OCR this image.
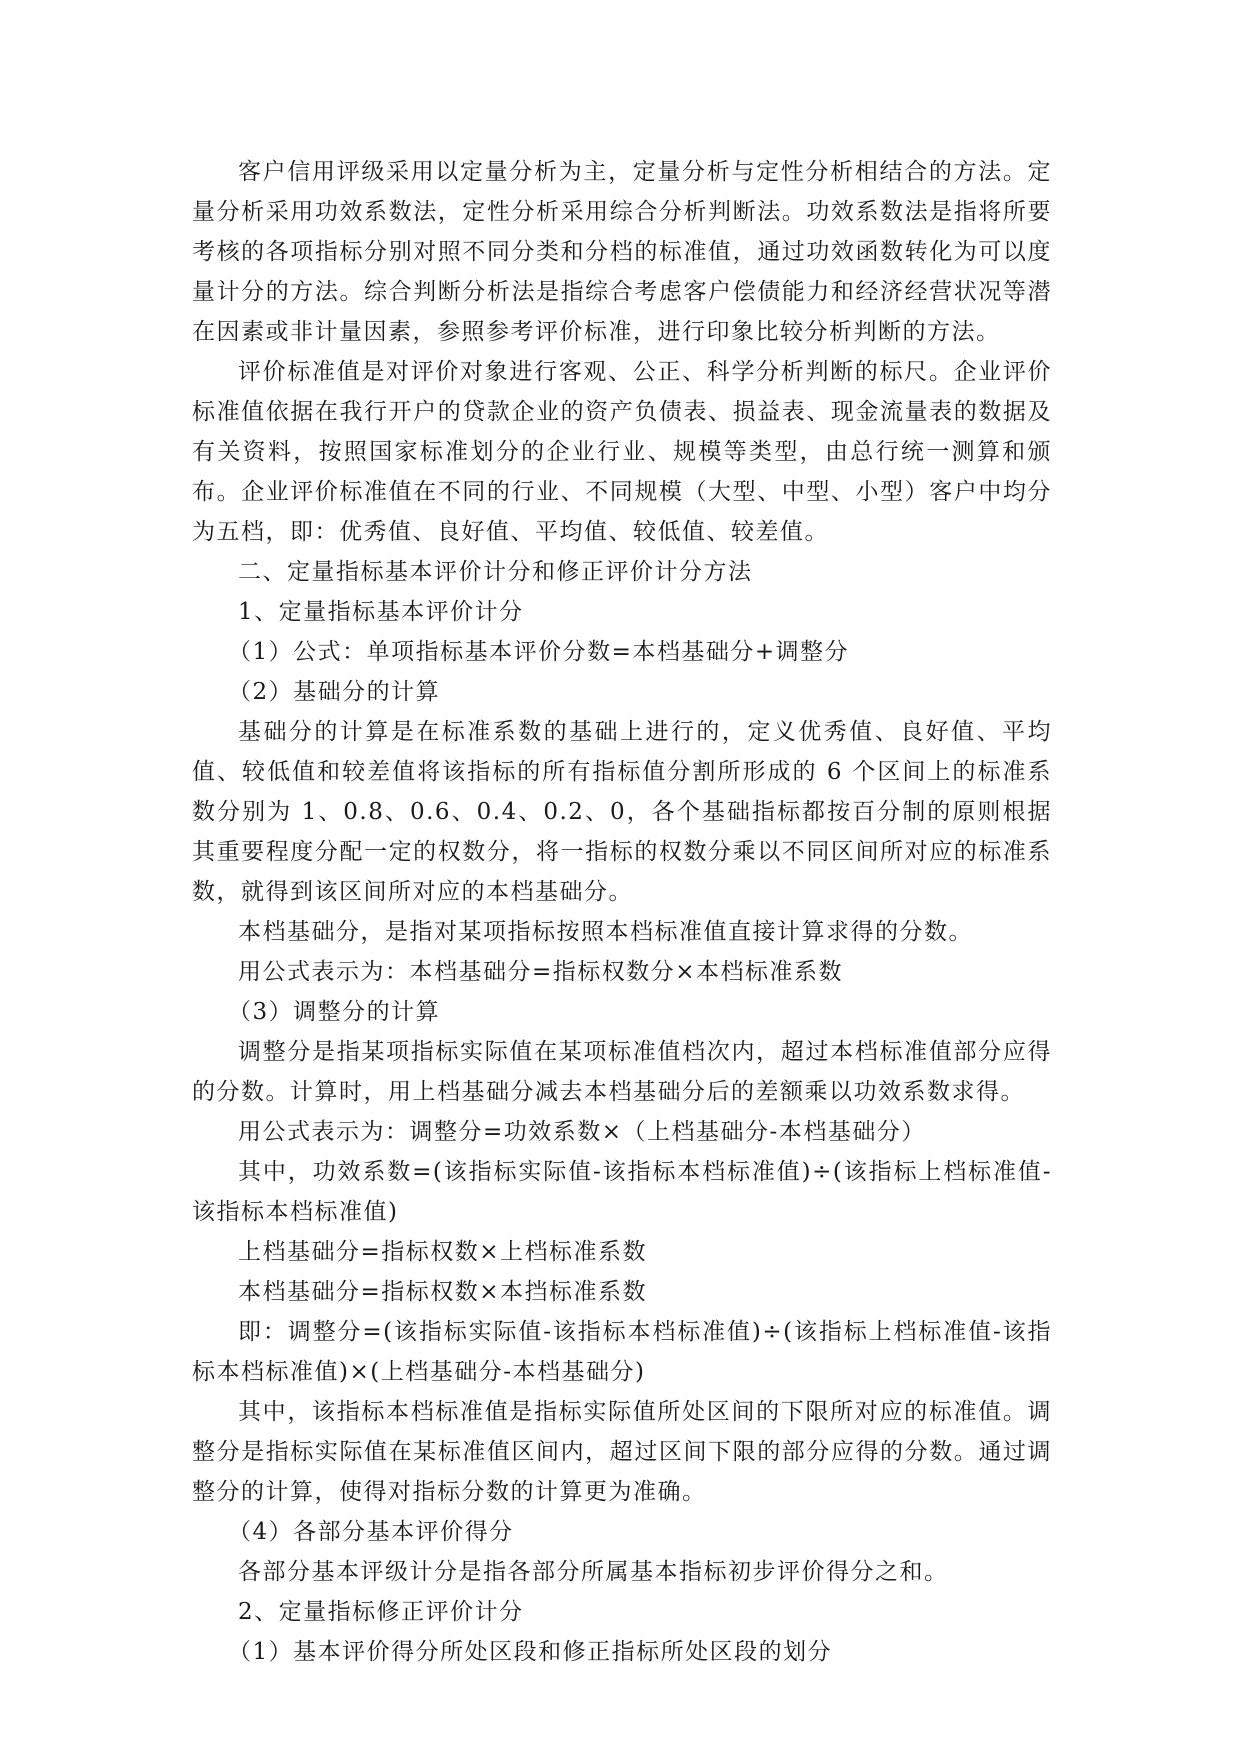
客户信用评级采用以定量分析为主，定量分析与定性分析相结合的方法。定量分析采用功效系数法，定性分析采用综合分析判断法。功效系数法是指将所要考核的各项指标分别对照不同分类和分档的标准值，通过功效函数转化为可以度量计分的方法。综合判断分析法是指综合考虑客户偿债能力和经济经营状况等潜在因素或非计量因素，参照参考评价标准，进行印象比较分析判断的方法。

评价标准值是对评价对象进行客观、公正、科学分析判断的标尺。企业评价标准值依据在我行开户的贷款企业的资产负债表、损益表、现金流量表的数据及有关资料，按照国家标准划分的企业行业、规模等类型，由总行统一测算和颁布。企业评价标准值在不同的行业、不同规模（大型、中型、小型）客户中均分为五档，即：优秀值、良好值、平均值、较低值、较差值。

二、定量指标基本评价计分和修正评价计分方法

1、定量指标基本评价计分

（1）公式：单项指标基本评价分数=本档基础分+调整分

（2）基础分的计算

基础分的计算是在标准系数的基础上进行的，定义优秀值、良好值、平均值、较低值和较差值将该指标的所有指标值分割所形成的 6 个区间上的标准系数分别为 1、0.8、0.6、0.4、0.2、0，各个基础指标都按百分制的原则根据其重要程度分配一定的权数分，将一指标的权数分乘以不同区间所对应的标准系数，就得到该区间所对应的本档基础分。

本档基础分，是指对某项指标按照本档标准值直接计算求得的分数。

用公式表示为：本档基础分=指标权数分×本档标准系数

（3）调整分的计算

调整分是指某项指标实际值在某项标准值档次内，超过本档标准值部分应得的分数。计算时，用上档基础分减去本档基础分后的差额乘以功效系数求得。

用公式表示为：调整分=功效系数×（上档基础分-本档基础分）

其中，功效系数=(该指标实际值-该指标本档标准值)÷(该指标上档标准值-该指标本档标准值)

上档基础分=指标权数×上档标准系数

本档基础分=指标权数×本挡标准系数

即：调整分=(该指标实际值-该指标本档标准值)÷(该指标上档标准值-该指标本档标准值)×(上档基础分-本档基础分)

其中，该指标本档标准值是指标实际值所处区间的下限所对应的标准值。调整分是指标实际值在某标准值区间内，超过区间下限的部分应得的分数。通过调整分的计算，使得对指标分数的计算更为准确。

（4）各部分基本评价得分

各部分基本评级计分是指各部分所属基本指标初步评价得分之和。

2、定量指标修正评价计分

（1）基本评价得分所处区段和修正指标所处区段的划分
